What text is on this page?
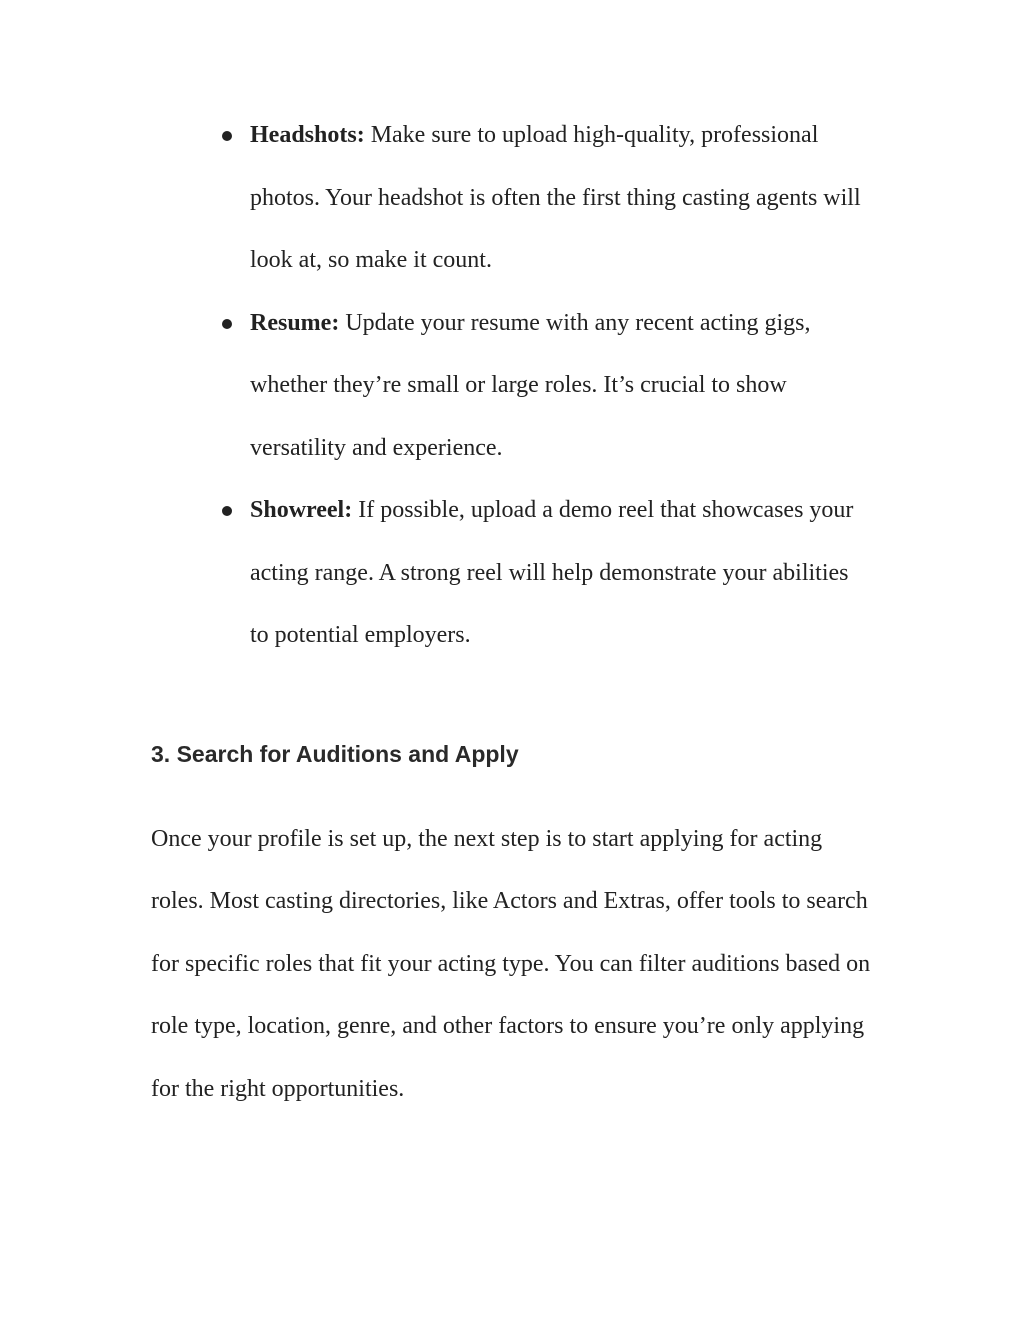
Headshots: Make sure to upload high-quality, professional photos. Your headshot is often the first thing casting agents will look at, so make it count.
Resume: Update your resume with any recent acting gigs, whether they’re small or large roles. It’s crucial to show versatility and experience.
Showreel: If possible, upload a demo reel that showcases your acting range. A strong reel will help demonstrate your abilities to potential employers.
3. Search for Auditions and Apply

Once your profile is set up, the next step is to start applying for acting roles. Most casting directories, like Actors and Extras, offer tools to search for specific roles that fit your acting type. You can filter auditions based on role type, location, genre, and other factors to ensure you’re only applying for the right opportunities.
